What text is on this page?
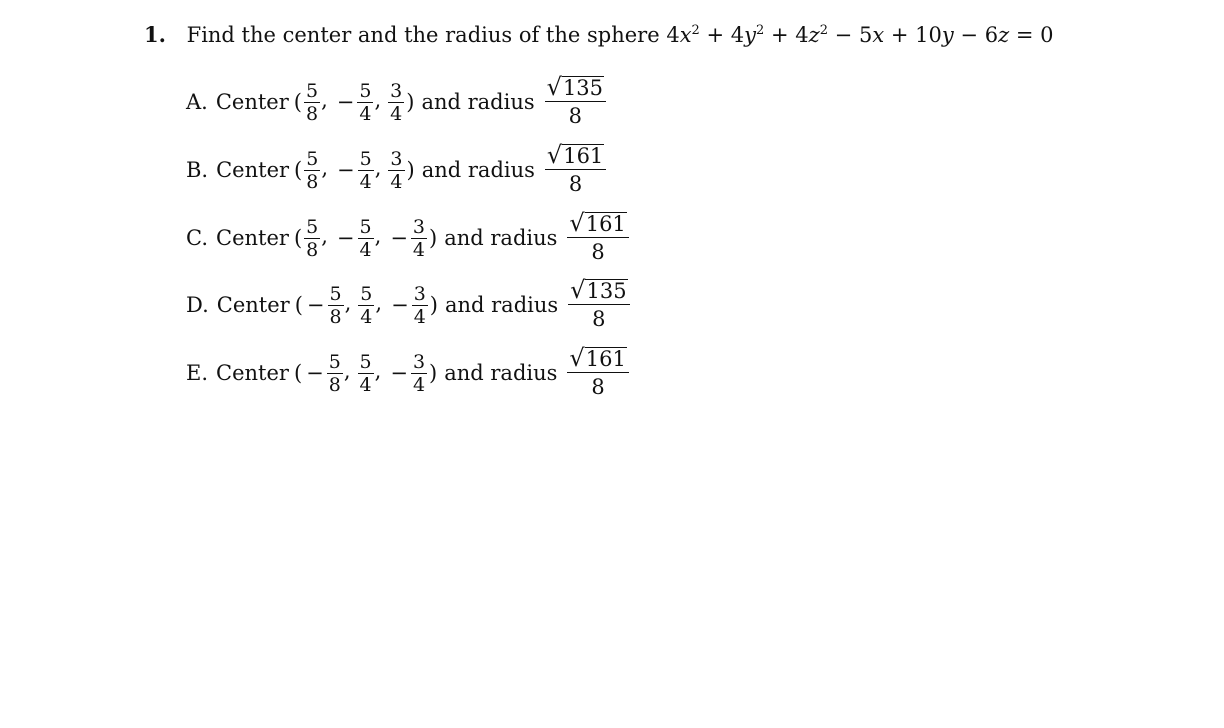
1. Find the center and the radius of the sphere $4x^2 + 4y^2 + 4z^2 - 5x + 10y - 6z = 0$
A. Center ( $\frac{5}{8}$ , − $\frac{5}{4}$ , $\frac{3}{4}$ ) and radius $\frac{√ 135}{8}$
B. Center ( $\frac{5}{8}$ , − $\frac{5}{4}$ , $\frac{3}{4}$ ) and radius $\frac{√ 161}{8}$
C. Center ( $\frac{5}{8}$ , − $\frac{5}{4}$ , − $\frac{3}{4}$ ) and radius $\frac{√ 161}{8}$
D. Center ( − $\frac{5}{8}$ , $\frac{5}{4}$ , − $\frac{3}{4}$ ) and radius $\frac{√ 135}{8}$
E. Center ( − $\frac{5}{8}$ , $\frac{5}{4}$ , − $\frac{3}{4}$ ) and radius $\frac{√ 161}{8}$
